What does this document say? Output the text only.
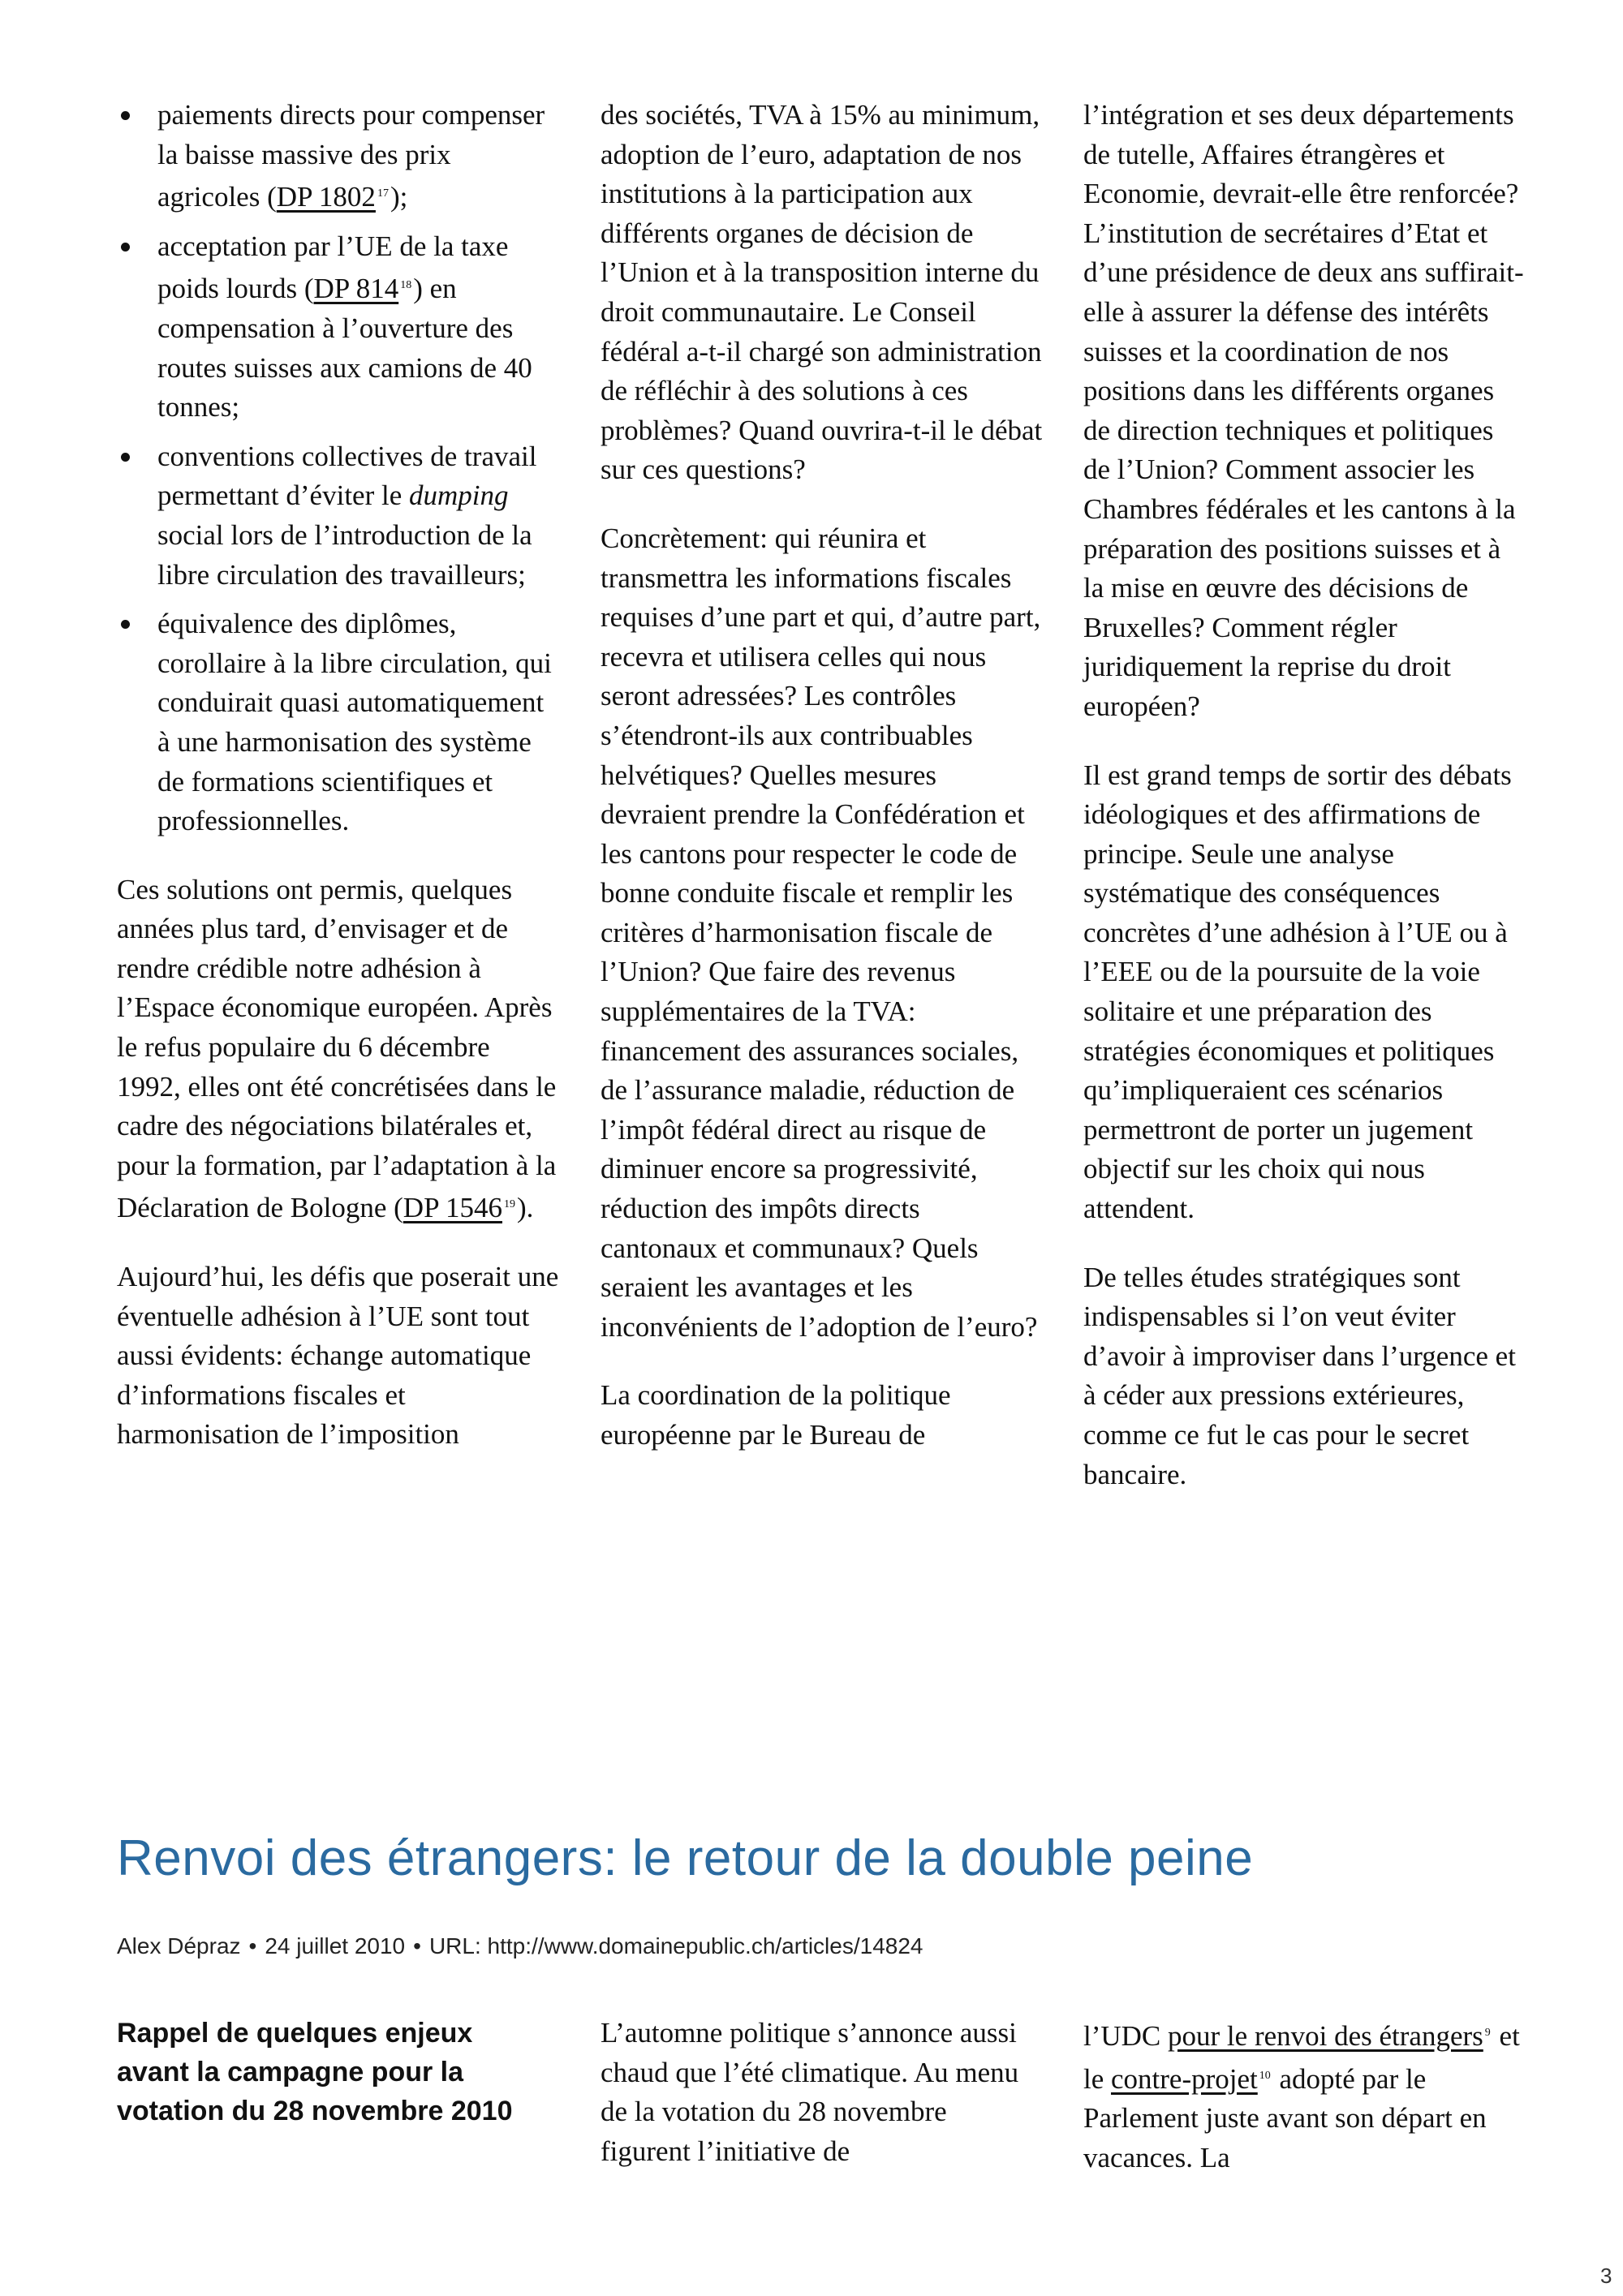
paiements directs pour compenser la baisse massive des prix agricoles (DP 1802 $^{17}$);
acceptation par l’UE de la taxe poids lourds (DP 814 $^{18}$) en compensation à l’ouverture des routes suisses aux camions de 40 tonnes;
conventions collectives de travail permettant d’éviter le dumping social lors de l’introduction de la libre circulation des travailleurs;
équivalence des diplômes, corollaire à la libre circulation, qui conduirait quasi automatiquement à une harmonisation des système de formations scientifiques et professionnelles.

Ces solutions ont permis, quelques années plus tard, d’envisager et de rendre crédible notre adhésion à l’Espace économique européen. Après le refus populaire du 6 décembre 1992, elles ont été concrétisées dans le cadre des négociations bilatérales et, pour la formation, par l’adaptation à la Déclaration de Bologne (DP 1546 $^{19}$).

Aujourd’hui, les défis que poserait une éventuelle adhésion à l’UE sont tout aussi évidents: échange automatique d’informations fiscales et harmonisation de l’imposition

des sociétés, TVA à 15% au minimum, adoption de l’euro, adaptation de nos institutions à la participation aux différents organes de décision de l’Union et à la transposition interne du droit communautaire. Le Conseil fédéral a-t-il chargé son administration de réfléchir à des solutions à ces problèmes? Quand ouvrira-t-il le débat sur ces questions?

Concrètement: qui réunira et transmettra les informations fiscales requises d’une part et qui, d’autre part, recevra et utilisera celles qui nous seront adressées? Les contrôles s’étendront-ils aux contribuables helvétiques? Quelles mesures devraient prendre la Confédération et les cantons pour respecter le code de bonne conduite fiscale et remplir les critères d’harmonisation fiscale de l’Union? Que faire des revenus supplémentaires de la TVA: financement des assurances sociales, de l’assurance maladie, réduction de l’impôt fédéral direct au risque de diminuer encore sa progressivité, réduction des impôts directs cantonaux et communaux? Quels seraient les avantages et les inconvénients de l’adoption de l’euro?

La coordination de la politique européenne par le Bureau de

l’intégration et ses deux départements de tutelle, Affaires étrangères et Economie, devrait-elle être renforcée? L’institution de secrétaires d’Etat et d’une présidence de deux ans suffirait-elle à assurer la défense des intérêts suisses et la coordination de nos positions dans les différents organes de direction techniques et politiques de l’Union? Comment associer les Chambres fédérales et les cantons à la préparation des positions suisses et à la mise en œuvre des décisions de Bruxelles? Comment régler juridiquement la reprise du droit européen?

Il est grand temps de sortir des débats idéologiques et des affirmations de principe. Seule une analyse systématique des conséquences concrètes d’une adhésion à l’UE ou à l’EEE ou de la poursuite de la voie solitaire et une préparation des stratégies économiques et politiques qu’impliqueraient ces scénarios permettront de porter un jugement objectif sur les choix qui nous attendent.

De telles études stratégiques sont indispensables si l’on veut éviter d’avoir à improviser dans l’urgence et à céder aux pressions extérieures, comme ce fut le cas pour le secret bancaire.

Renvoi des étrangers: le retour de la double peine
Alex Dépraz • 24 juillet 2010 • URL: http://www.domainepublic.ch/articles/14824
Rappel de quelques enjeux avant la campagne pour la votation du 28 novembre 2010

L’automne politique s’annonce aussi chaud que l’été climatique. Au menu de la votation du 28 novembre figurent l’initiative de

l’UDC pour le renvoi des étrangers $^9$ et le contre-projet $^{10}$ adopté par le Parlement juste avant son départ en vacances. La

3
